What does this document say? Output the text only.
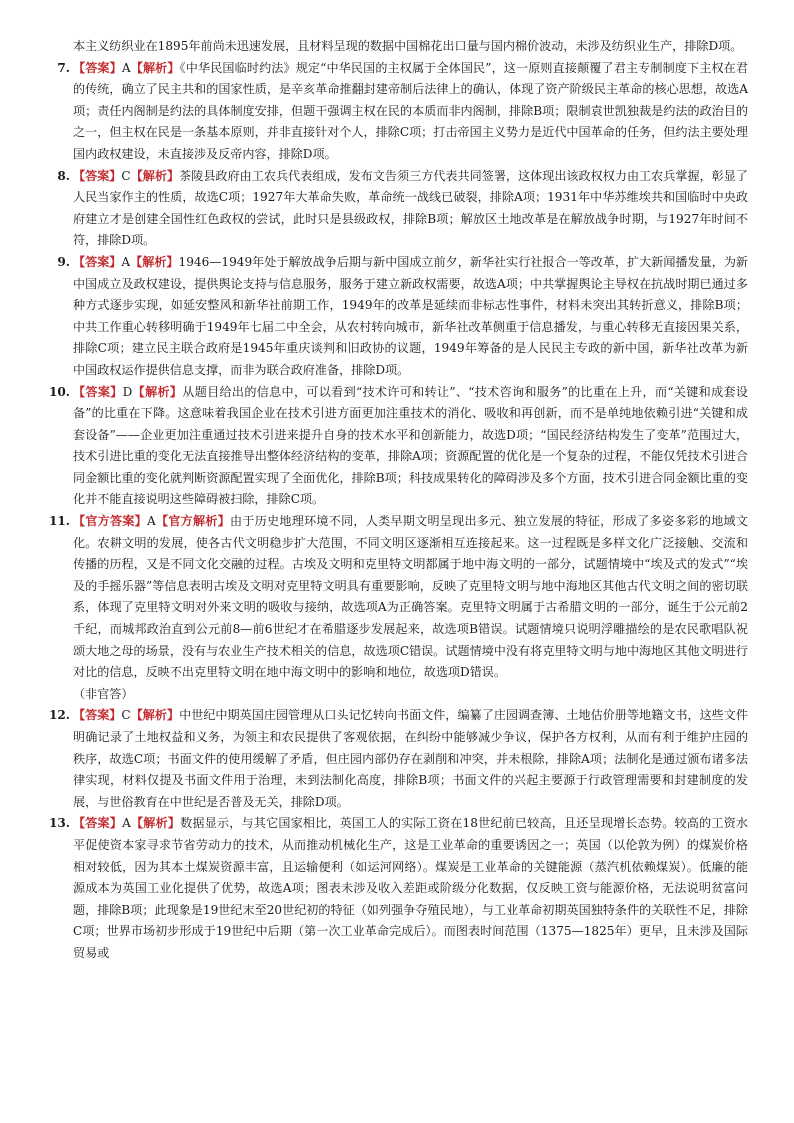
本主义纺织业在1895年前尚未迅速发展，且材料呈现的数据中国棉花出口量与国内棉价波动，未涉及纺织业生产，排除D项。

7. 【答案】A【解析】《中华民国临时约法》规定“中华民国的主权属于全体国民”，这一原则直接颠覆了君主专制制度下主权在君的传统，确立了民主共和的国家性质，是辛亥革命推翻封建帝制后法律上的确认，体现了资产阶级民主革命的核心思想，故选A项；责任内阁制是约法的具体制度安排，但题干强调主权在民的本质而非内阁制，排除B项；限制袁世凯独裁是约法的政治目的之一，但主权在民是一条基本原则，并非直接针对个人，排除C项；打击帝国主义势力是近代中国革命的任务，但约法主要处理国内政权建设，未直接涉及反帝内容，排除D项。
8. 【答案】C【解析】茶陵县政府由工农兵代表组成，发布文告须三方代表共同签署，这体现出该政权权力由工农兵掌握，彰显了人民当家作主的性质，故选C项；1927年大革命失败，革命统一战线已破裂，排除A项；1931年中华苏维埃共和国临时中央政府建立才是创建全国性红色政权的尝试，此时只是县级政权，排除B项；解放区土地改革是在解放战争时期，与1927年时间不符，排除D项。
9. 【答案】A【解析】1946—1949年处于解放战争后期与新中国成立前夕，新华社实行社报合一等改革，扩大新闻播发量，为新中国成立及政权建设，提供舆论支持与信息服务，服务于建立新政权需要，故选A项；中共掌握舆论主导权在抗战时期已通过多种方式逐步实现，如延安整风和新华社前期工作，1949年的改革是延续而非标志性事件，材料未突出其转折意义，排除B项；中共工作重心转移明确于1949年七届二中全会，从农村转向城市，新华社改革侧重于信息播发，与重心转移无直接因果关系，排除C项；建立民主联合政府是1945年重庆谈判和旧政协的议题，1949年筹备的是人民民主专政的新中国，新华社改革为新中国政权运作提供信息支撑，而非为联合政府准备，排除D项。
10. 【答案】D【解析】从题目给出的信息中，可以看到“技术许可和转让”、“技术咨询和服务”的比重在上升，而“关键和成套设备”的比重在下降。这意味着我国企业在技术引进方面更加注重技术的消化、吸收和再创新，而不是单纯地依赖引进“关键和成套设备”——企业更加注重通过技术引进来提升自身的技术水平和创新能力，故选D项；“国民经济结构发生了变革”范围过大，技术引进比重的变化无法直接推导出整体经济结构的变革，排除A项；资源配置的优化是一个复杂的过程，不能仅凭技术引进合同金额比重的变化就判断资源配置实现了全面优化，排除B项；科技成果转化的障碍涉及多个方面，技术引进合同金额比重的变化并不能直接说明这些障碍被扫除，排除C项。
11. 【官方答案】A【官方解析】由于历史地理环境不同，人类早期文明呈现出多元、独立发展的特征，形成了多姿多彩的地域文化。农耕文明的发展，使各古代文明稳步扩大范围，不同文明区逐渐相互连接起来。这一过程既是多样文化广泛接触、交流和传播的历程，又是不同文化交融的过程。古埃及文明和克里特文明都属于地中海文明的一部分，试题情境中“埃及式的发式”“埃及的手摇乐器”等信息表明古埃及文明对克里特文明具有重要影响，反映了克里特文明与地中海地区其他古代文明之间的密切联系，体现了克里特文明对外来文明的吸收与接纳，故选项A为正确答案。克里特文明属于古希腊文明的一部分，诞生于公元前2千纪，而城邦政治直到公元前8—前6世纪才在希腊逐步发展起来，故选项B错误。试题情境只说明浮雕描绘的是农民歌唱队祝颂大地之母的场景，没有与农业生产技术相关的信息，故选项C错误。试题情境中没有将克里特文明与地中海地区其他文明进行对比的信息，反映不出克里特文明在地中海文明中的影响和地位，故选项D错误。

（非官答）

12. 【答案】C【解析】中世纪中期英国庄园管理从口头记忆转向书面文件，编纂了庄园调查簿、土地估价册等地籍文书，这些文件明确记录了土地权益和义务，为领主和农民提供了客观依据，在纠纷中能够减少争议，保护各方权利，从而有利于维护庄园的秩序，故选C项；书面文件的使用缓解了矛盾，但庄园内部仍存在剥削和冲突，并未根除，排除A项；法制化是通过颁布诸多法律实现，材料仅提及书面文件用于治理，未到法制化高度，排除B项；书面文件的兴起主要源于行政管理需要和封建制度的发展，与世俗教育在中世纪是否普及无关，排除D项。
13. 【答案】A【解析】数据显示，与其它国家相比，英国工人的实际工资在18世纪前已较高，且还呈现增长态势。较高的工资水平促使资本家寻求节省劳动力的技术，从而推动机械化生产，这是工业革命的重要诱因之一；英国（以伦敦为例）的煤炭价格相对较低，因为其本土煤炭资源丰富，且运输便利（如运河网络）。煤炭是工业革命的关键能源（蒸汽机依赖煤炭）。低廉的能源成本为英国工业化提供了优势，故选A项；图表未涉及收入差距或阶级分化数据，仅反映工资与能源价格，无法说明贫富问题，排除B项；此现象是19世纪末至20世纪初的特征（如列强争夺殖民地），与工业革命初期英国独特条件的关联性不足，排除C项；世界市场初步形成于19世纪中后期（第一次工业革命完成后）。而图表时间范围（1375—1825年）更早，且未涉及国际贸易或
